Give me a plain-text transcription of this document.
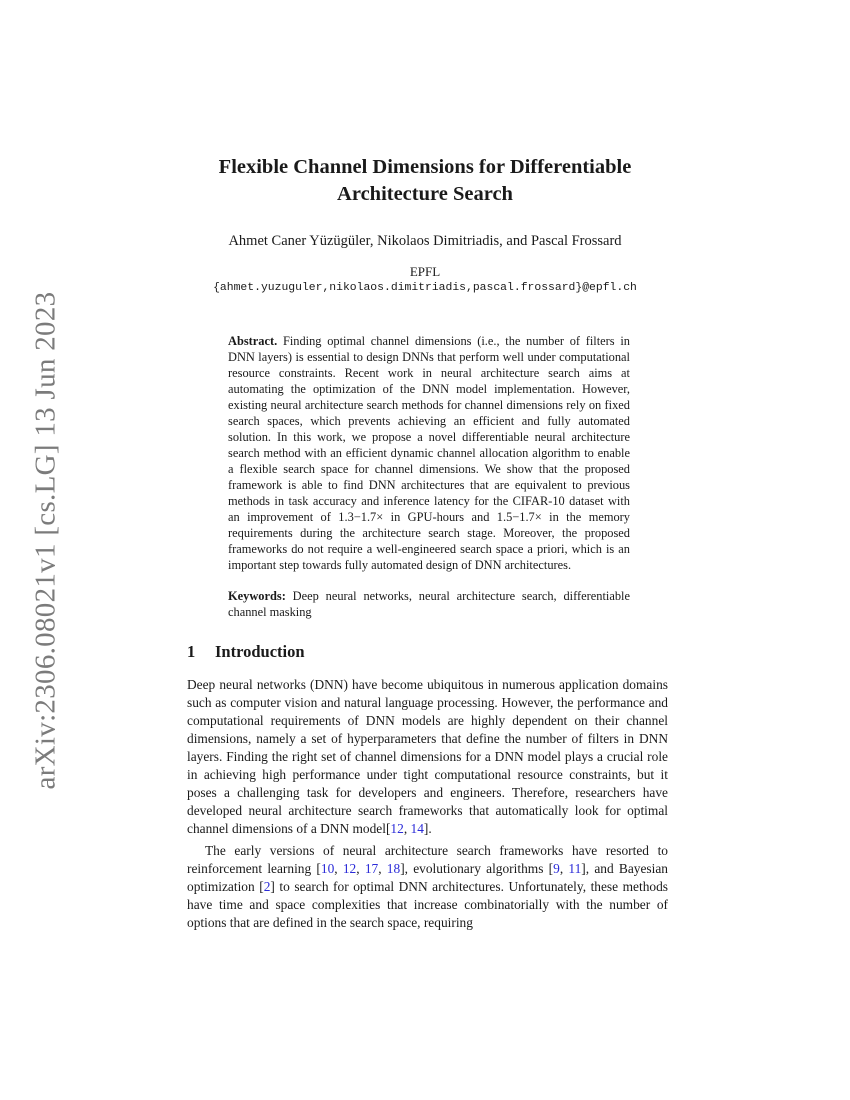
arXiv:2306.08021v1 [cs.LG] 13 Jun 2023
Flexible Channel Dimensions for Differentiable
Architecture Search
Ahmet Caner Yüzügüler, Nikolaos Dimitriadis, and Pascal Frossard
EPFL
{ahmet.yuzuguler,nikolaos.dimitriadis,pascal.frossard}@epfl.ch
Abstract. Finding optimal channel dimensions (i.e., the number of filters in DNN layers) is essential to design DNNs that perform well under computational resource constraints. Recent work in neural architecture search aims at automating the optimization of the DNN model implementation. However, existing neural architecture search methods for channel dimensions rely on fixed search spaces, which prevents achieving an efficient and fully automated solution. In this work, we propose a novel differentiable neural architecture search method with an efficient dynamic channel allocation algorithm to enable a flexible search space for channel dimensions. We show that the proposed framework is able to find DNN architectures that are equivalent to previous methods in task accuracy and inference latency for the CIFAR-10 dataset with an improvement of 1.3−1.7× in GPU-hours and 1.5−1.7× in the memory requirements during the architecture search stage. Moreover, the proposed frameworks do not require a well-engineered search space a priori, which is an important step towards fully automated design of DNN architectures.
Keywords: Deep neural networks, neural architecture search, differentiable channel masking
1 Introduction
Deep neural networks (DNN) have become ubiquitous in numerous application domains such as computer vision and natural language processing. However, the performance and computational requirements of DNN models are highly dependent on their channel dimensions, namely a set of hyperparameters that define the number of filters in DNN layers. Finding the right set of channel dimensions for a DNN model plays a crucial role in achieving high performance under tight computational resource constraints, but it poses a challenging task for developers and engineers. Therefore, researchers have developed neural architecture search frameworks that automatically look for optimal channel dimensions of a DNN model[12, 14].
The early versions of neural architecture search frameworks have resorted to reinforcement learning [10, 12, 17, 18], evolutionary algorithms [9, 11], and Bayesian optimization [2] to search for optimal DNN architectures. Unfortunately, these methods have time and space complexities that increase combinatorially with the number of options that are defined in the search space, requiring
